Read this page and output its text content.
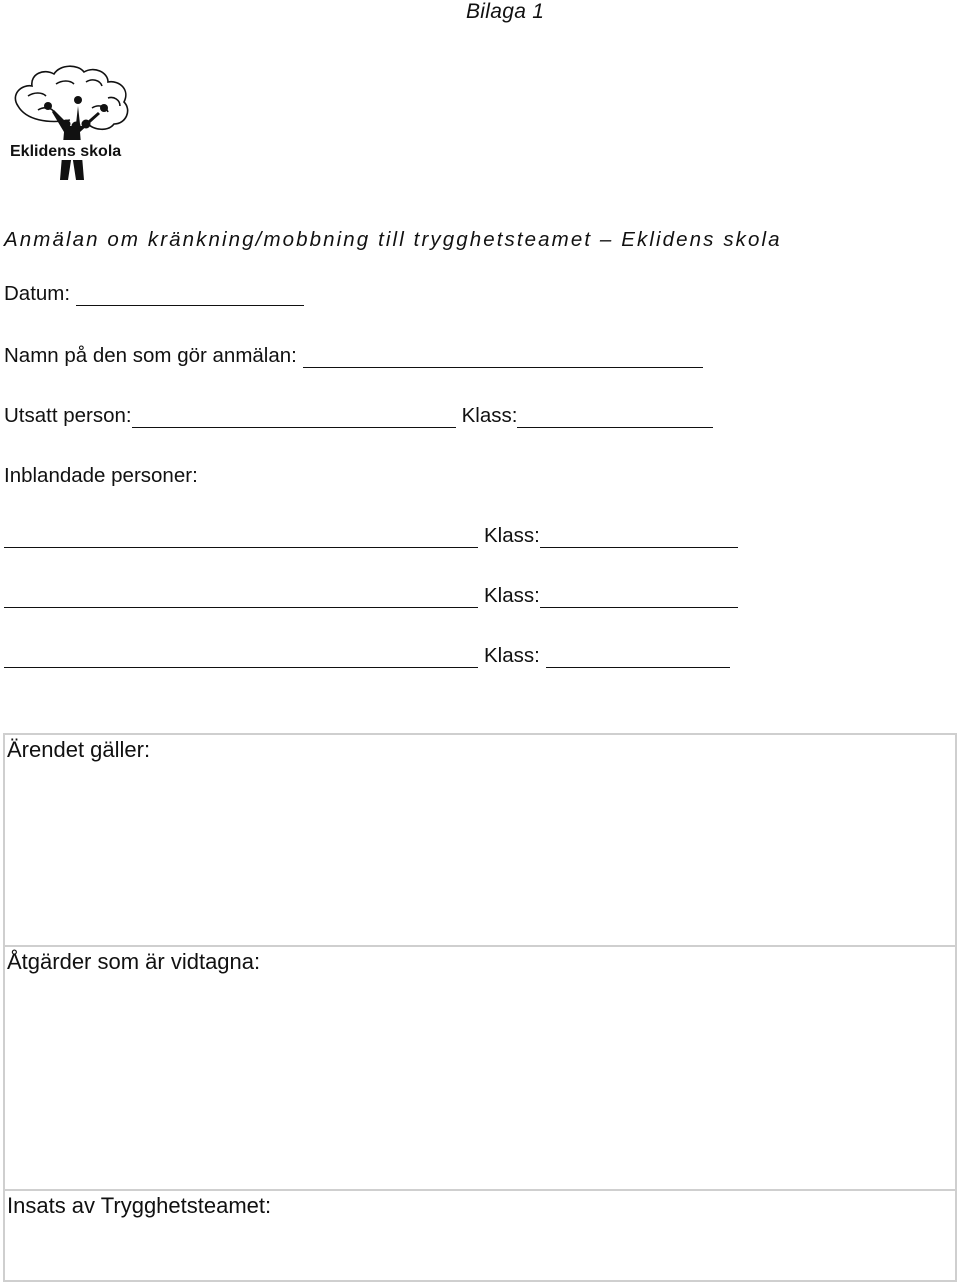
Bilaga 1
Eklidens skola
Anmälan om kränkning/mobbning till trygghetsteamet – Eklidens skola
Datum:
Namn på den som gör anmälan:
Utsatt person:	Klass:
Inblandade personer:
Klass:
Klass:
Klass:
Ärendet gäller:
Åtgärder som är vidtagna:
Insats av Trygghetsteamet:
